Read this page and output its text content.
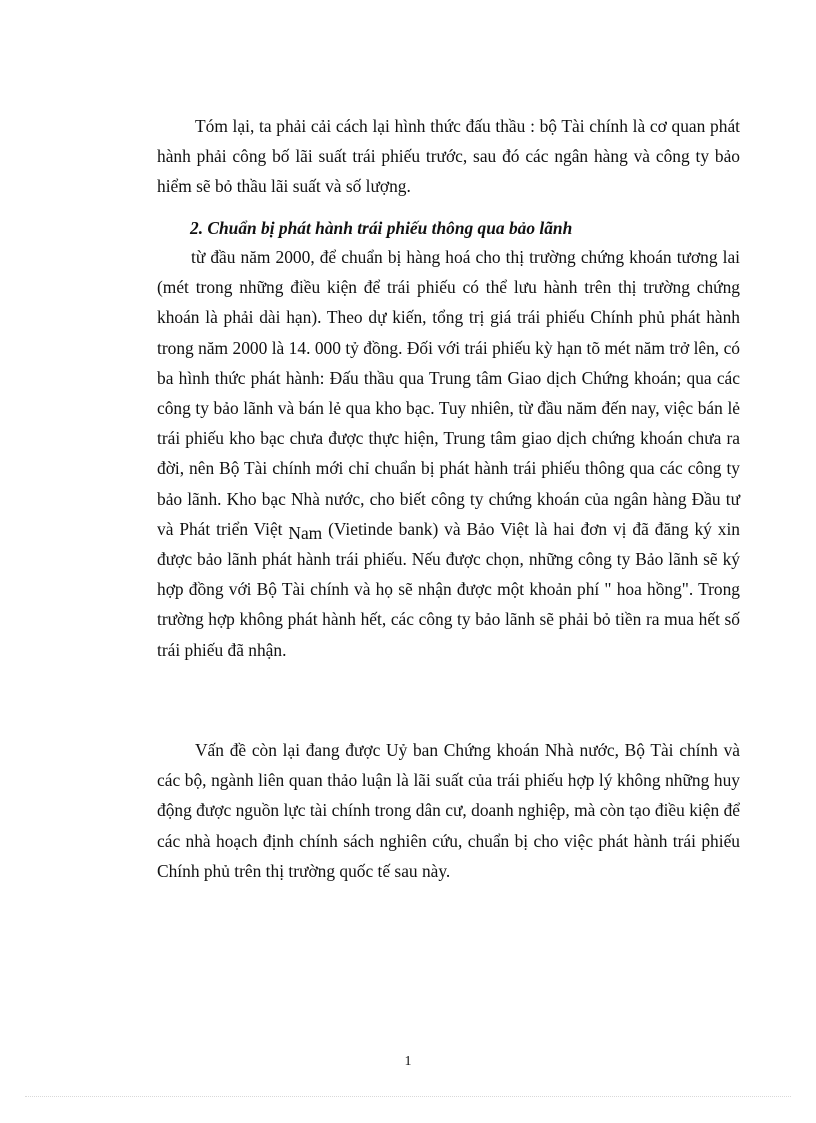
Tóm lại, ta phải cải cách lại hình thức đấu thầu : bộ Tài chính là cơ quan phát hành phải công bố lãi suất trái phiếu trước, sau đó các ngân hàng và công ty bảo hiểm sẽ bỏ thầu lãi suất và số lượng.
2. Chuẩn bị phát hành trái phiếu thông qua bảo lãnh
từ đầu năm 2000, để chuẩn bị hàng hoá cho thị trường chứng khoán tương lai (mét trong những điều kiện để trái phiếu có thể lưu hành trên thị trường chứng khoán là phải dài hạn). Theo dự kiến, tổng trị giá trái phiếu Chính phủ phát hành trong năm 2000 là 14. 000 tỷ đồng. Đối với trái phiếu kỳ hạn tõ mét năm trở lên, có ba hình thức phát hành: Đấu thầu qua Trung tâm Giao dịch Chứng khoán; qua các công ty bảo lãnh và bán lẻ qua kho bạc. Tuy nhiên, từ đầu năm đến nay, việc bán lẻ trái phiếu kho bạc chưa được thực hiện, Trung tâm giao dịch chứng khoán chưa ra đời, nên Bộ Tài chính mới chỉ chuẩn bị phát hành trái phiếu thông qua các công ty bảo lãnh. Kho bạc Nhà nước, cho biết công ty chứng khoán của ngân hàng Đầu tư và Phát triển Việt Nam (Vietinde bank) và Bảo Việt là hai đơn vị đã đăng ký xin được bảo lãnh phát hành trái phiếu. Nếu được chọn, những công ty Bảo lãnh sẽ ký hợp đồng với Bộ Tài chính và họ sẽ nhận được một khoản phí " hoa hồng". Trong trường hợp không phát hành hết, các công ty bảo lãnh sẽ phải bỏ tiền ra mua hết số trái phiếu đã nhận.
Vấn đề còn lại đang được Uỷ ban Chứng khoán Nhà nước, Bộ Tài chính và các bộ, ngành liên quan thảo luận là lãi suất của trái phiếu hợp lý không những huy động được nguồn lực tài chính trong dân cư, doanh nghiệp, mà còn tạo điều kiện để các nhà hoạch định chính sách nghiên cứu, chuẩn bị cho việc phát hành trái phiếu Chính phủ trên thị trường quốc tế sau này.
1
